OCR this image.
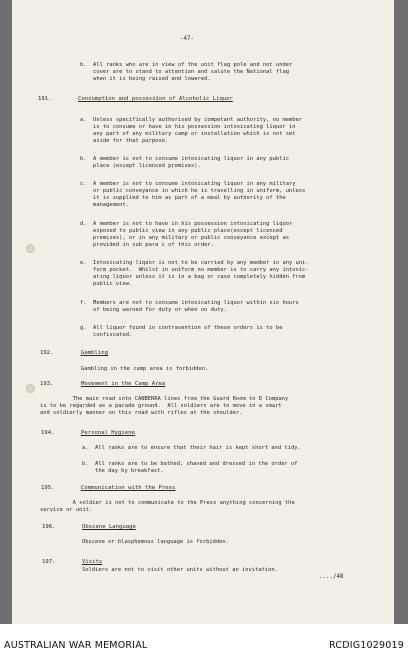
-47-
b.  All ranks who are in view of the unit flag pole and not under
cover are to stand to attention and salute the National flag
when it is being raised and lowered.
191.	Consumption and possession of Alcoholic Liquor
a.  Unless specifically authorised by competant authority, no member
is to consume or have in his possession intoxicating liquor in
any part of any military camp or installation which is not set
aside for that purpose.
b.  A member is not to consume intoxicating liquor in any public
place (except licenced premises).
c.  A member is not to consume intoxicating liquor in any military
or public conveyance in which he is travelling in uniform, unless
it is supplied to him as part of a meal by authority of the
management.
d.  A member is not to have in his possession intoxicating liquor
exposed to public view in any public place(except licenced
premises), or in any military or public conveyance except as
provided in sub para c of this order.
e.  Intoxicating liquor is not to be carried by any member in any uni-
form pocket.  Whilst in uniform no member is to carry any intoxic-
ating liquor unless it is in a bag or case completely hidden from
public view.
f.  Members are not to consume intoxicating liquor within six hours
of being warned for duty or when on duty.
g.  All liquor found in contravention of these orders is to be
confiscated.
192.	Gambling
Gambling in the camp area is forbidden.
193.	Movement in the Camp Area
The main road into CANBERRA lines from the Guard Room to D Company
is to be regarded as a parade ground.  All soldiers are to move in a smart
and soldierly manner on this road with rifles at the shoulder.
194.	Personal Hygiene
a.  All ranks are to ensure that their hair is kept short and tidy.
b.  All ranks are to be bathed, shaved and dressed in the order of
the day by breakfast.
195.	Communication with the Press
A soldier is not to communicate to the Press anything concerning the
service or unit.
196.	Obscene Language
Obscene or blasphemous language is forbidden.
197.	Visits
Soldiers are not to visit other units without an invitation.
..../48
AUSTRALIAN WAR MEMORIAL	RCDIG1029019
